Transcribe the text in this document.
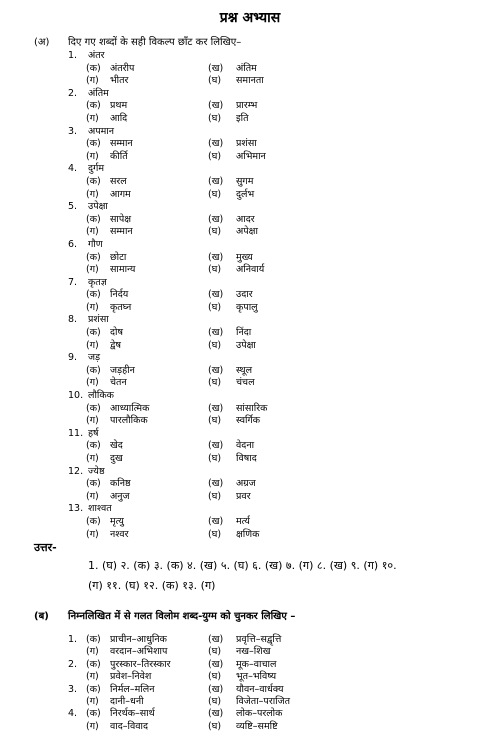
प्रश्न अभ्यास
(अ) दिए गए शब्दों के सही विकल्प छाँट कर लिखिए–
1. अंतर
(क) अंतरीप	(ख) अंतिम
(ग) भीतर	(घ) समानता
2. अंतिम
(क) प्रथम	(ख) प्रारम्भ
(ग) आदि	(घ) इति
3. अपमान
(क) सम्मान	(ख) प्रशंसा
(ग) कीर्ति	(घ) अभिमान
4. दुर्गम
(क) सरल	(ख) सुगम
(ग) आगम	(घ) दुर्लभ
5. उपेक्षा
(क) सापेक्ष	(ख) आदर
(ग) सम्मान	(घ) अपेक्षा
6. गौण
(क) छोटा	(ख) मुख्य
(ग) सामान्य	(घ) अनिवार्य
7. कृतज्ञ
(क) निर्दय	(ख) उदार
(ग) कृतघ्न	(घ) कृपालु
8. प्रशंसा
(क) दोष	(ख) निंदा
(ग) द्वेष	(घ) उपेक्षा
9. जड़
(क) जड़हीन	(ख) स्थूल
(ग) चेतन	(घ) चंचल
10. लौकिक
(क) आध्यात्मिक	(ख) सांसारिक
(ग) पारलौकिक	(घ) स्वर्गिक
11. हर्ष
(क) खेद	(ख) वेदना
(ग) दुख	(घ) विषाद
12. ज्येष्ठ
(क) कनिष्ठ	(ख) अग्रज
(ग) अनुज	(घ) प्रवर
13. शाश्वत
(क) मृत्यु	(ख) मर्त्य
(ग) नश्वर	(घ) क्षणिक
उत्तर-
1. (घ) २. (क) ३. (क) ४. (ख) ५. (घ) ६. (ख) ७. (ग) ८. (ख) ९. (ग) १०.
(ग) ११. (घ) १२. (क) १३. (ग)
(ब) निम्नलिखित में से गलत विलोम शब्द-युग्म को चुनकर लिखिए –
1. (क) प्राचीन–आधुनिक	(ख) प्रवृत्ति–सद्वृत्ति
(ग) वरदान–अभिशाप	(घ) नख–शिख
2. (क) पुरस्कार–तिरस्कार	(ख) मूक–वाचाल
(ग) प्रवेश–निवेश	(घ) भूत–भविष्य
3. (क) निर्मल–मलिन	(ख) यौवन–वार्धक्य
(ग) दानी–धनी	(घ) विजेता–पराजित
4. (क) निरर्थक–सार्थ	(ख) लोक–परलोक
(ग) वाद–विवाद	(घ) व्यष्टि–समष्टि
